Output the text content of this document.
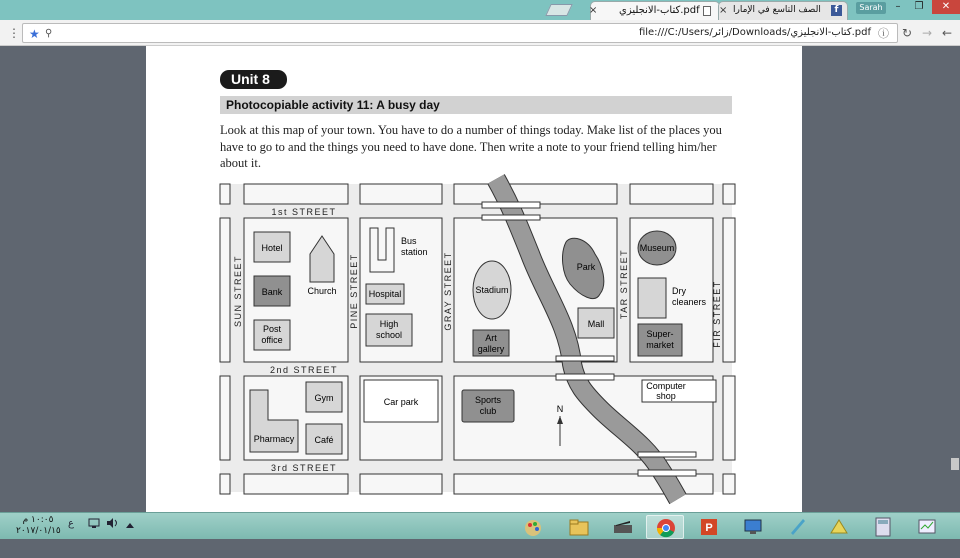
× كتاب-الانجليزي.pdf × الصف التاسع في الإمارا	f	Sarah	–	❐	✕
⋮ ★ ⚲	file:///C:/Users/زائر/Downloads/كتاب-الانجليزي.pdf ⓘ ↻ → ←
Unit 8
Photocopiable activity 11: A busy day
Look at this map of your town. You have to do a number of things today. Make list of the places you have to go to and the things you need to have done. Then write a note to your friend telling him/her about it.
Hotel
Church
Bank
Post
office
Bus
station
Hospital
High
school
Stadium
Art
gallery
Park
Mall
Museum
Dry
cleaners
Super-
market
Gym
Pharmacy Café
Car park	Sports
club
Computer
shop
N
1st STREET
2nd STREET
3rd STREET
SUN STREET	PINE STREET	GRAY STREET	TAR STREET	FIR STREET
١٠:٠٥ م
٢٠١٧/٠١/١٥
ع	P
